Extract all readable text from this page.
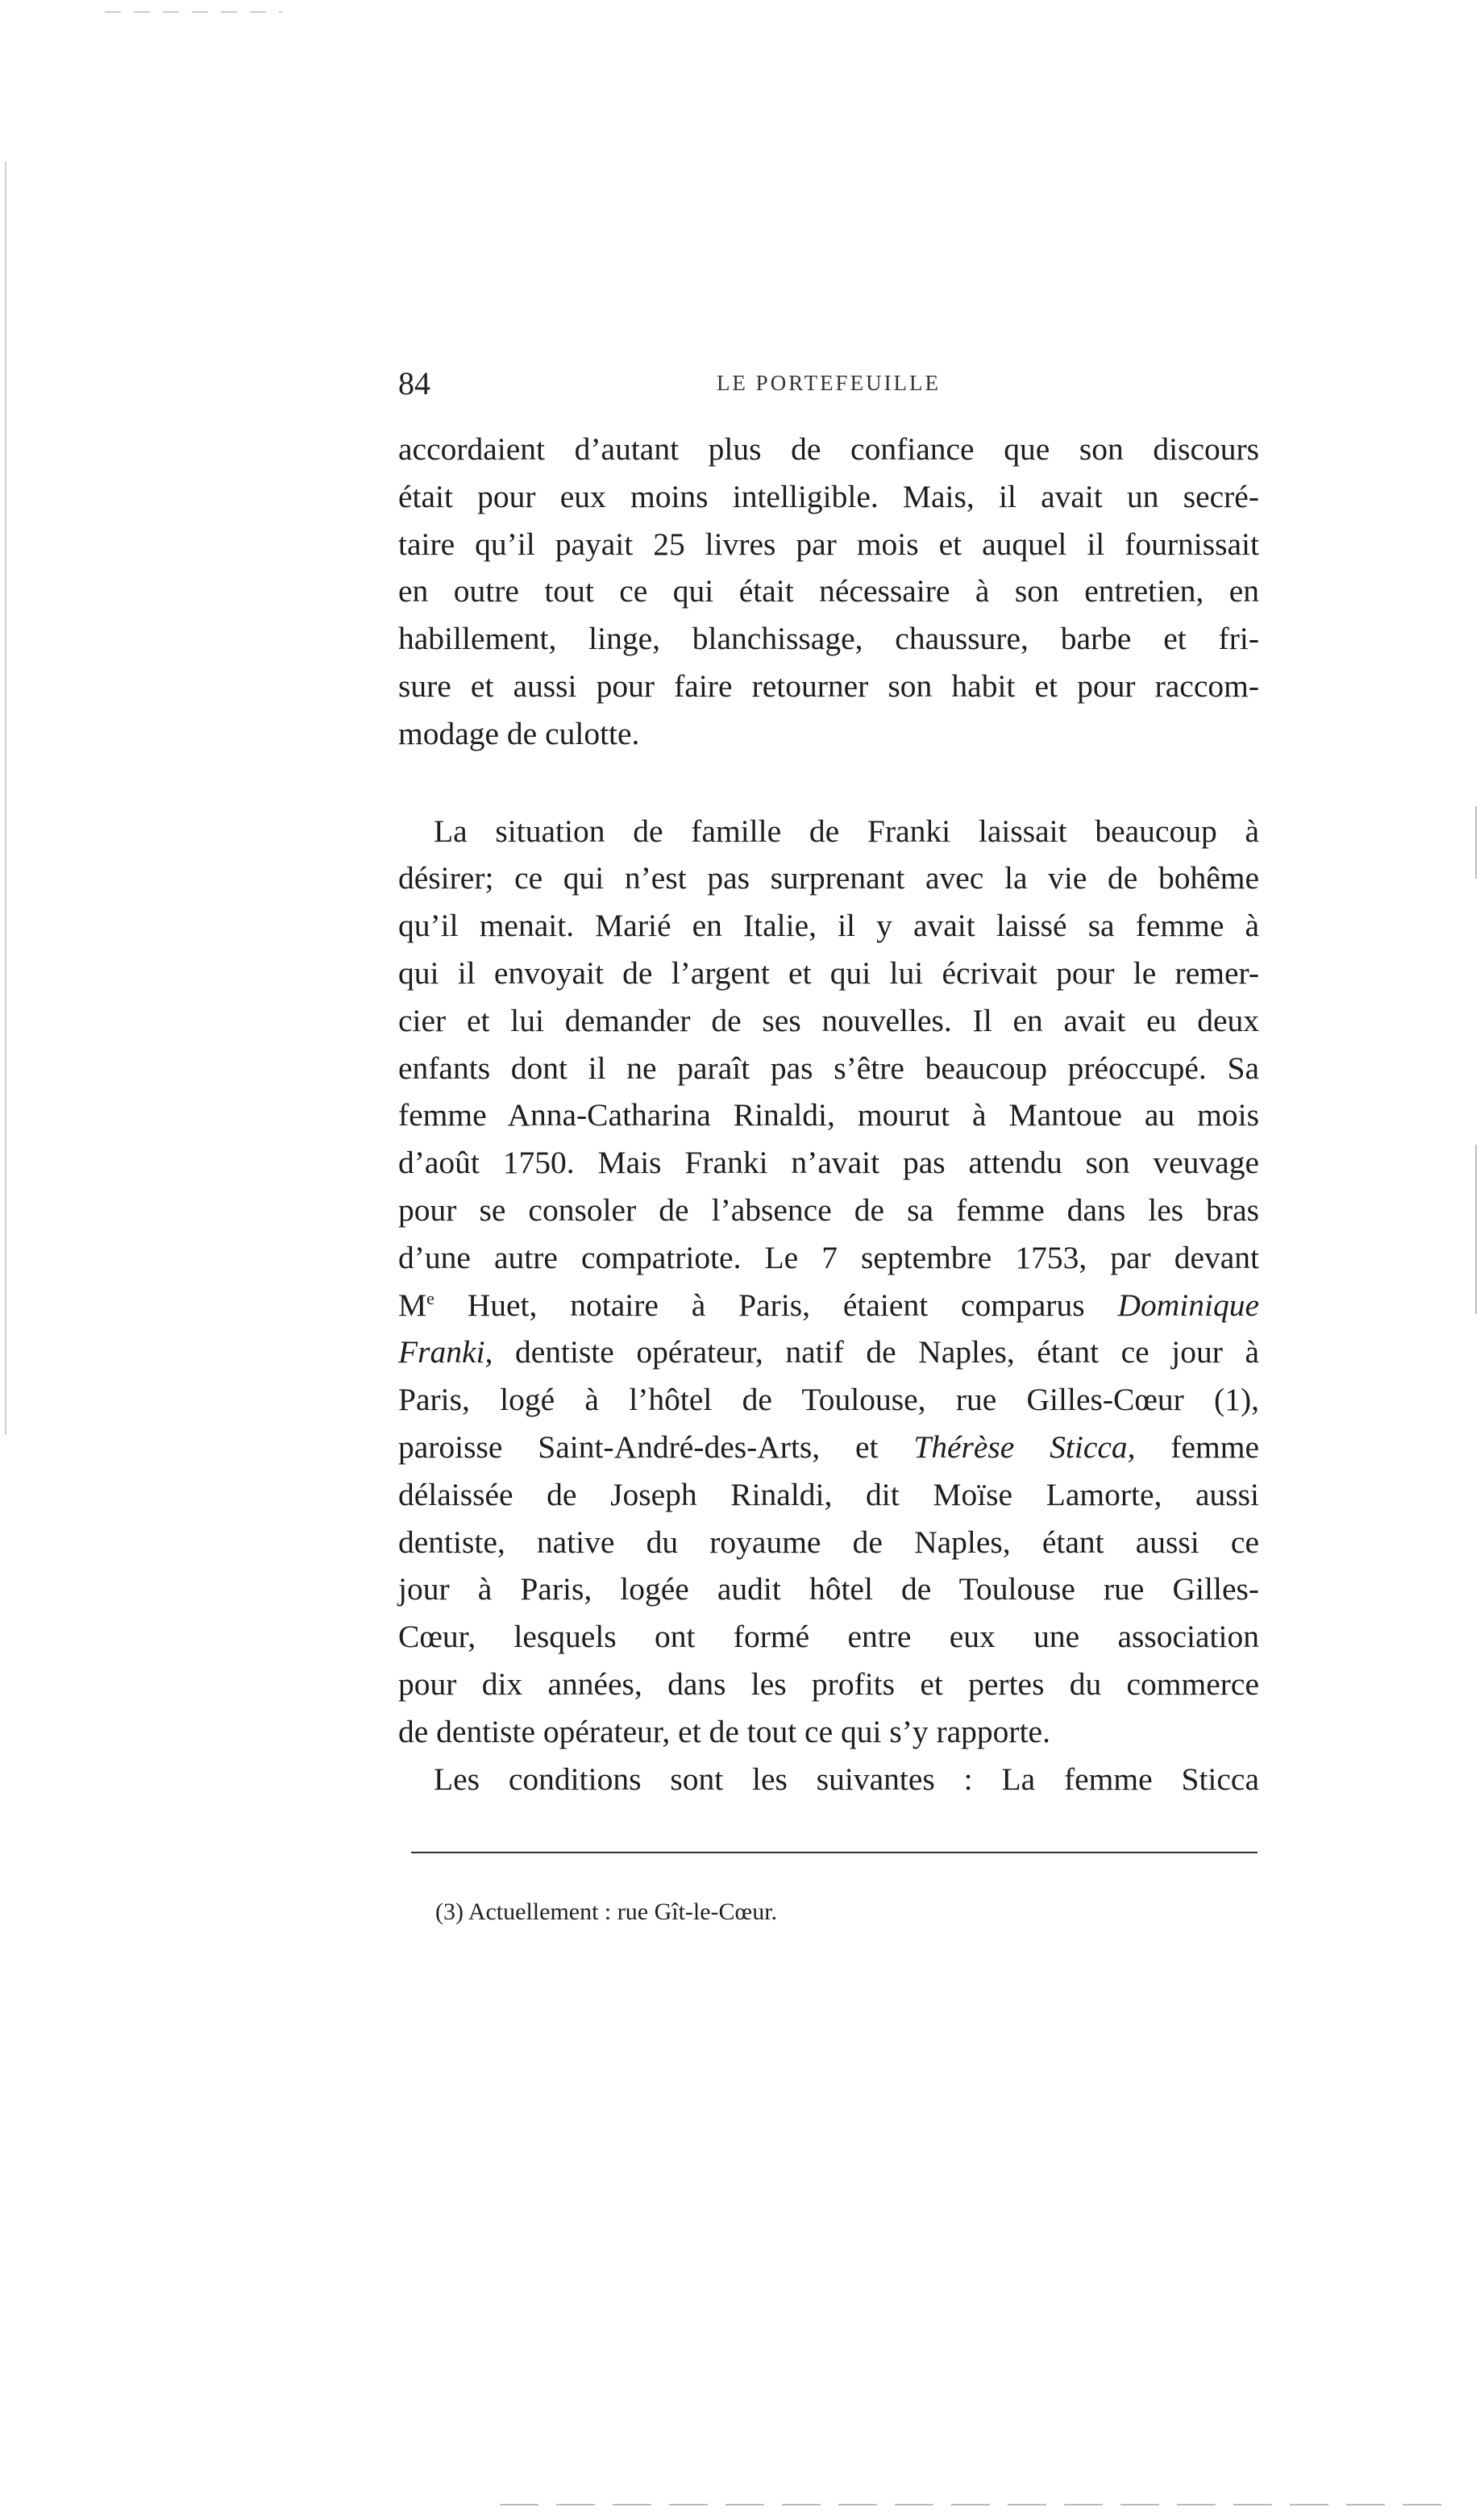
84	LE PORTEFEUILLE
accordaient d’autant plus de confiance que son discours
était pour eux moins intelligible. Mais, il avait un secré-
taire qu’il payait 25 livres par mois et auquel il fournissait
en outre tout ce qui était nécessaire à son entretien, en
habillement, linge, blanchissage, chaussure, barbe et fri-
sure et aussi pour faire retourner son habit et pour raccom-
modage de culotte.
La situation de famille de Franki laissait beaucoup à
désirer; ce qui n’est pas surprenant avec la vie de bohême
qu’il menait. Marié en Italie, il y avait laissé sa femme à
qui il envoyait de l’argent et qui lui écrivait pour le remer-
cier et lui demander de ses nouvelles. Il en avait eu deux
enfants dont il ne paraît pas s’être beaucoup préoccupé. Sa
femme Anna-Catharina Rinaldi, mourut à Mantoue au mois
d’août 1750. Mais Franki n’avait pas attendu son veuvage
pour se consoler de l’absence de sa femme dans les bras
d’une autre compatriote. Le 7 septembre 1753, par devant
Me Huet, notaire à Paris, étaient comparus Dominique
Franki, dentiste opérateur, natif de Naples, étant ce jour à
Paris, logé à l’hôtel de Toulouse, rue Gilles-Cœur (1),
paroisse Saint-André-des-Arts, et Thérèse Sticca, femme
délaissée de Joseph Rinaldi, dit Moïse Lamorte, aussi
dentiste, native du royaume de Naples, étant aussi ce
jour à Paris, logée audit hôtel de Toulouse rue Gilles-
Cœur, lesquels ont formé entre eux une association
pour dix années, dans les profits et pertes du commerce
de dentiste opérateur, et de tout ce qui s’y rapporte.
Les conditions sont les suivantes : La femme Sticca
(3) Actuellement : rue Gît-le-Cœur.
